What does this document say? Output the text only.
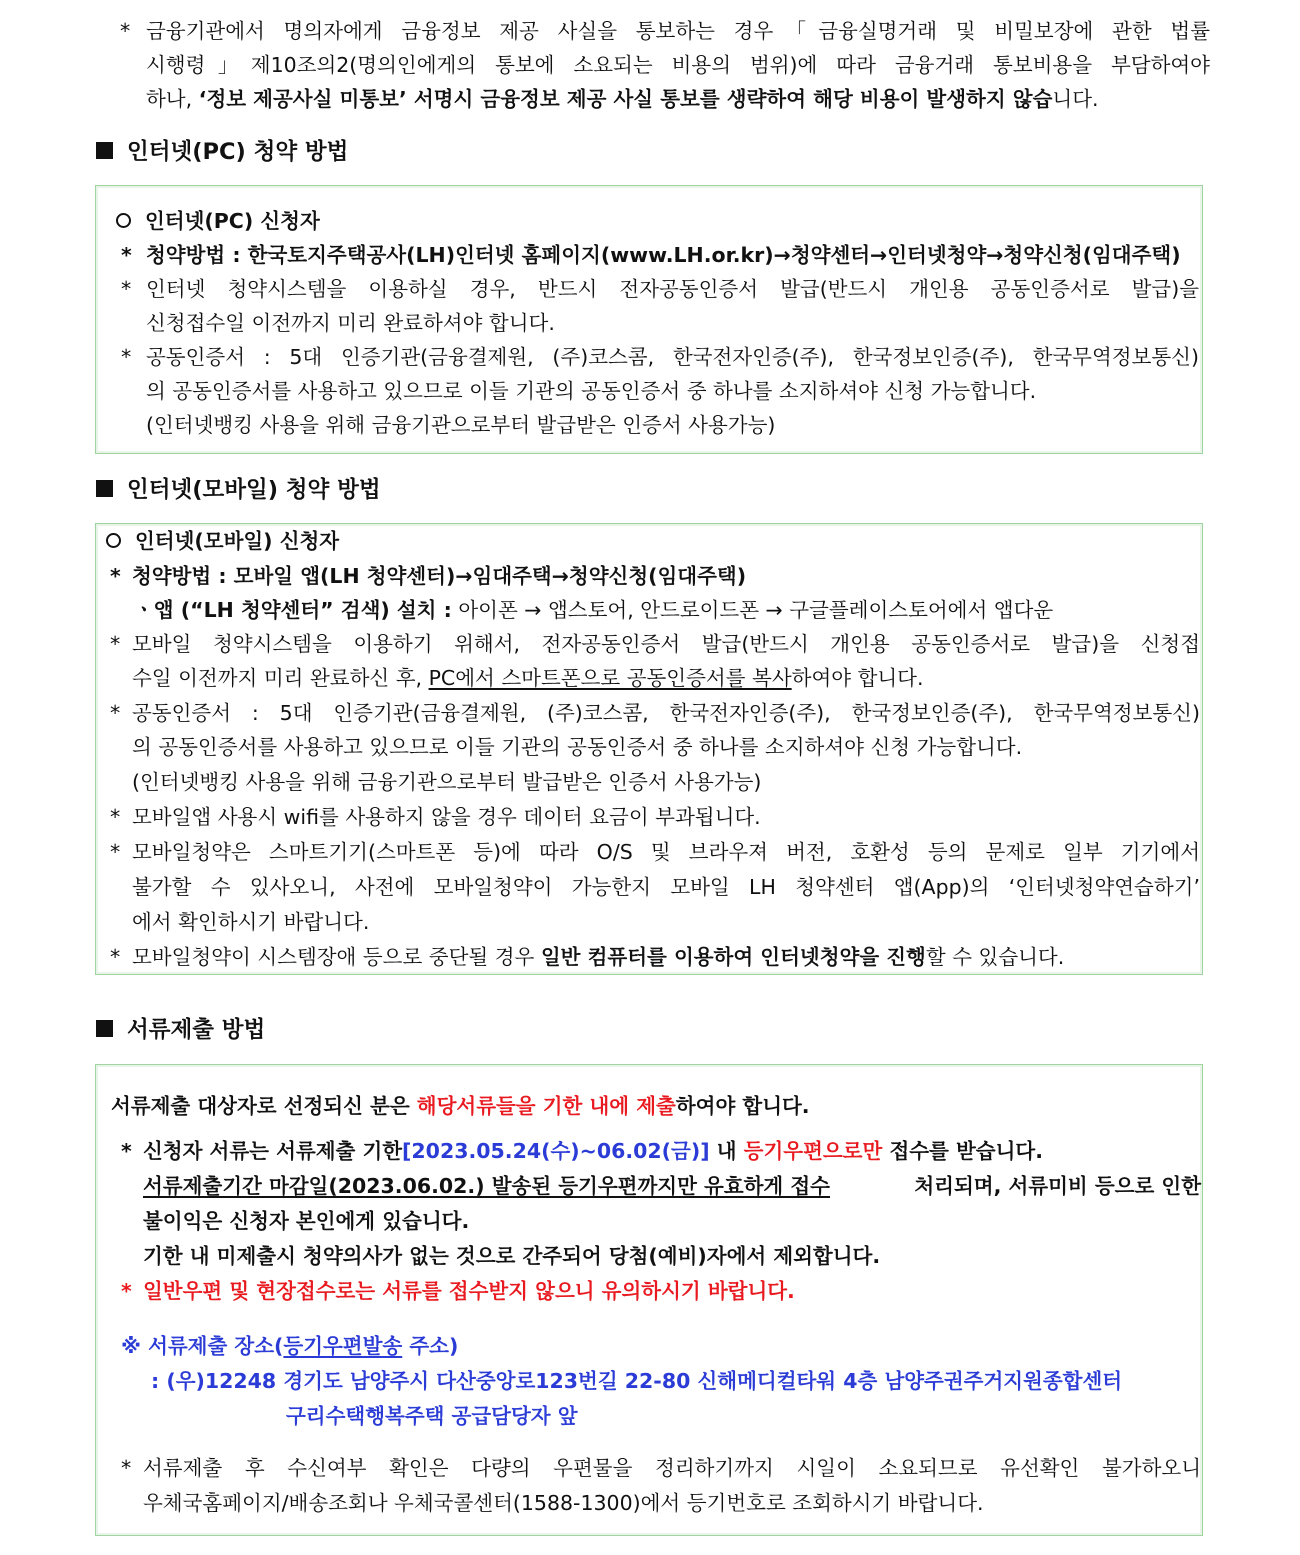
* 금융기관에서 명의자에게 금융정보 제공 사실을 통보하는 경우「금융실명거래 및 비밀보장에 관한 법률
시행령」제10조의2(명의인에게의 통보에 소요되는 비용의 범위)에 따라 금융거래 통보비용을 부담하여야
하나, ‘정보 제공사실 미통보’ 서명시 금융정보 제공 사실 통보를 생략하여 해당 비용이 발생하지 않습니다.
인터넷(PC) 청약 방법
인터넷(PC) 신청자
* 청약방법 : 한국토지주택공사(LH)인터넷 홈페이지(www.LH.or.kr)→청약센터→인터넷청약→청약신청(임대주택)
* 인터넷 청약시스템을 이용하실 경우, 반드시 전자공동인증서 발급(반드시 개인용 공동인증서로 발급)을
신청접수일 이전까지 미리 완료하셔야 합니다.
* 공동인증서 : 5대 인증기관(금융결제원, (주)코스콤, 한국전자인증(주), 한국정보인증(주), 한국무역정보통신)
의 공동인증서를 사용하고 있으므로 이들 기관의 공동인증서 중 하나를 소지하셔야 신청 가능합니다.
(인터넷뱅킹 사용을 위해 금융기관으로부터 발급받은 인증서 사용가능)
인터넷(모바일) 청약 방법
인터넷(모바일) 신청자
* 청약방법 : 모바일 앱(LH 청약센터)→임대주택→청약신청(임대주택)
ㆍ앱 (“LH 청약센터” 검색) 설치 : 아이폰 → 앱스토어, 안드로이드폰 → 구글플레이스토어에서 앱다운
* 모바일 청약시스템을 이용하기 위해서, 전자공동인증서 발급(반드시 개인용 공동인증서로 발급)을 신청접
수일 이전까지 미리 완료하신 후, PC에서 스마트폰으로 공동인증서를 복사하여야 합니다.
* 공동인증서 : 5대 인증기관(금융결제원, (주)코스콤, 한국전자인증(주), 한국정보인증(주), 한국무역정보통신)
의 공동인증서를 사용하고 있으므로 이들 기관의 공동인증서 중 하나를 소지하셔야 신청 가능합니다.
(인터넷뱅킹 사용을 위해 금융기관으로부터 발급받은 인증서 사용가능)
* 모바일앱 사용시 wifi를 사용하지 않을 경우 데이터 요금이 부과됩니다.
* 모바일청약은 스마트기기(스마트폰 등)에 따라 O/S 및 브라우져 버전, 호환성 등의 문제로 일부 기기에서
불가할 수 있사오니, 사전에 모바일청약이 가능한지 모바일 LH 청약센터 앱(App)의 ‘인터넷청약연습하기’
에서 확인하시기 바랍니다.
* 모바일청약이 시스템장애 등으로 중단될 경우 일반 컴퓨터를 이용하여 인터넷청약을 진행할 수 있습니다.
서류제출 방법
서류제출 대상자로 선정되신 분은 해당서류들을 기한 내에 제출하여야 합니다.
* 신청자 서류는 서류제출 기한[2023.05.24(수)~06.02(금)] 내 등기우편으로만 접수를 받습니다.
서류제출기간 마감일(2023.06.02.) 발송된 등기우편까지만 유효하게 접수	처리되며, 서류미비 등으로 인한
불이익은 신청자 본인에게 있습니다.
기한 내 미제출시 청약의사가 없는 것으로 간주되어 당첨(예비)자에서 제외합니다.
* 일반우편 및 현장접수로는 서류를 접수받지 않으니 유의하시기 바랍니다.
※ 서류제출 장소(등기우편발송 주소)
: (우)12248 경기도 남양주시 다산중앙로123번길 22-80 신해메디컬타워 4층 남양주권주거지원종합센터
구리수택행복주택 공급담당자 앞
* 서류제출 후 수신여부 확인은 다량의 우편물을 정리하기까지 시일이 소요되므로 유선확인 불가하오니
우체국홈페이지/배송조회나 우체국콜센터(1588-1300)에서 등기번호로 조회하시기 바랍니다.
